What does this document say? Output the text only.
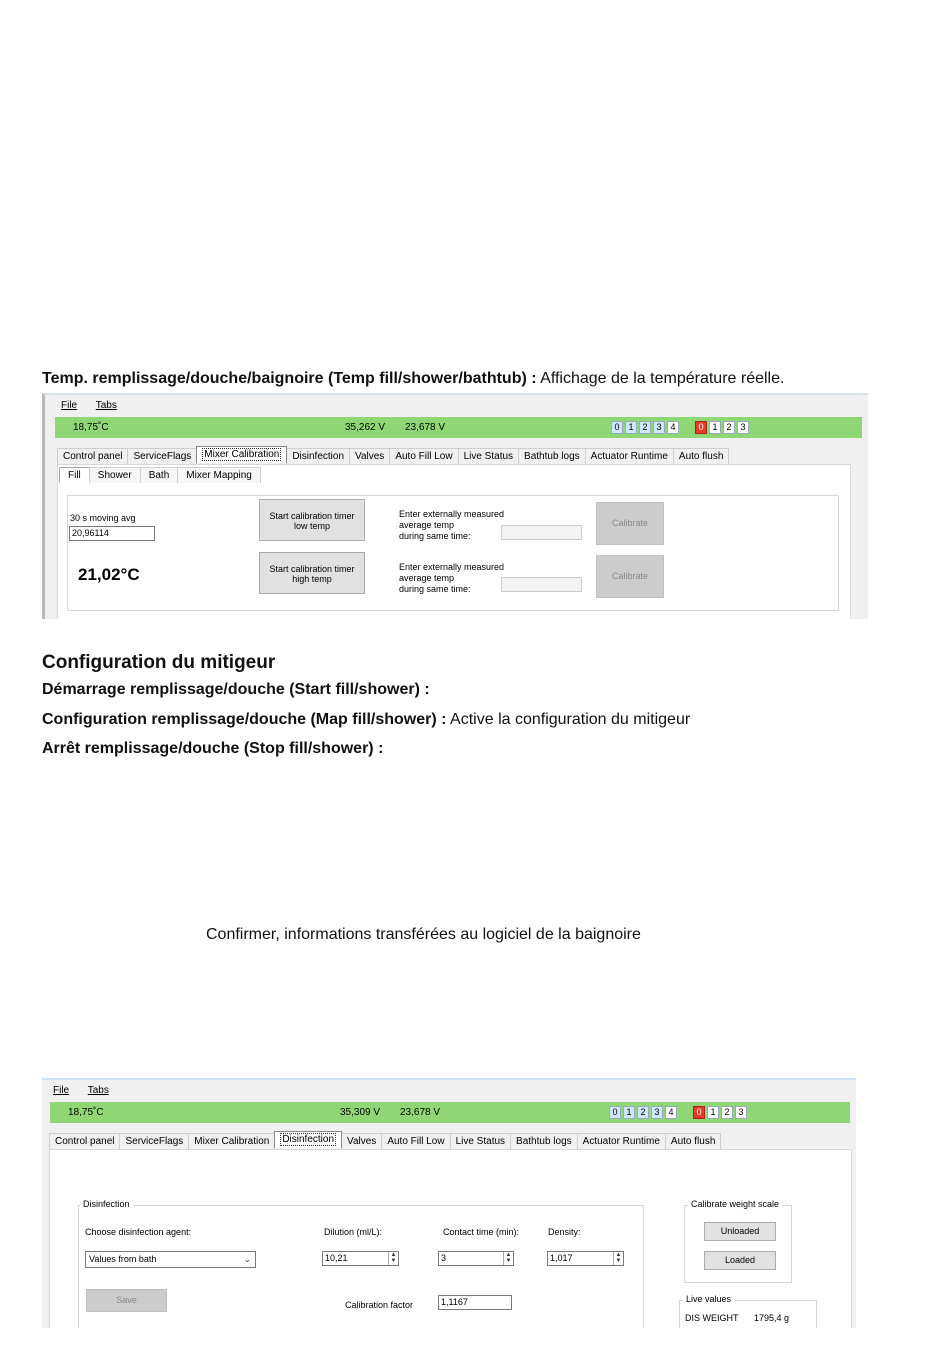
Temp. remplissage/douche/baignoire (Temp fill/shower/bathtub) : Affichage de la température réelle.
File Tabs
18,75˚C	35,262 V 23,678 V	0 1 2 3 4	0 1 2 3
Control panel	ServiceFlags	Mixer Calibration	Disinfection	Valves	Auto Fill Low	Live Status	Bathtub logs	Actuator Runtime	Auto flush
Fill	Shower	Bath	Mixer Mapping
30 s moving avg
20,96114
21,02°C
Start calibration timer
low temp
Start calibration timer
high temp
Enter externally measured
average temp
during same time:
Enter externally measured
average temp
during same time:
Calibrate
Calibrate
Configuration du mitigeur
Démarrage remplissage/douche (Start fill/shower) :
Configuration remplissage/douche (Map fill/shower) : Active la configuration du mitigeur
Arrêt remplissage/douche (Stop fill/shower) :
Confirmer, informations transférées au logiciel de la baignoire
File Tabs
18,75˚C	35,309 V 23,678 V	0 1 2 3 4	0 1 2 3
Control panel	ServiceFlags	Mixer Calibration	Disinfection	Valves	Auto Fill Low	Live Status	Bathtub logs	Actuator Runtime	Auto flush
Disinfection
Choose disinfection agent:
Values from bath	⌄
Dilution (ml/L):
10,21	▲
▼
Contact time (min):
3	▲
▼
Density:
1,017	▲
▼
Save	Calibration factor	1,1167
Calibrate weight scale
Unloaded
Loaded
Live values
DIS WEIGHT 1795,4 g
